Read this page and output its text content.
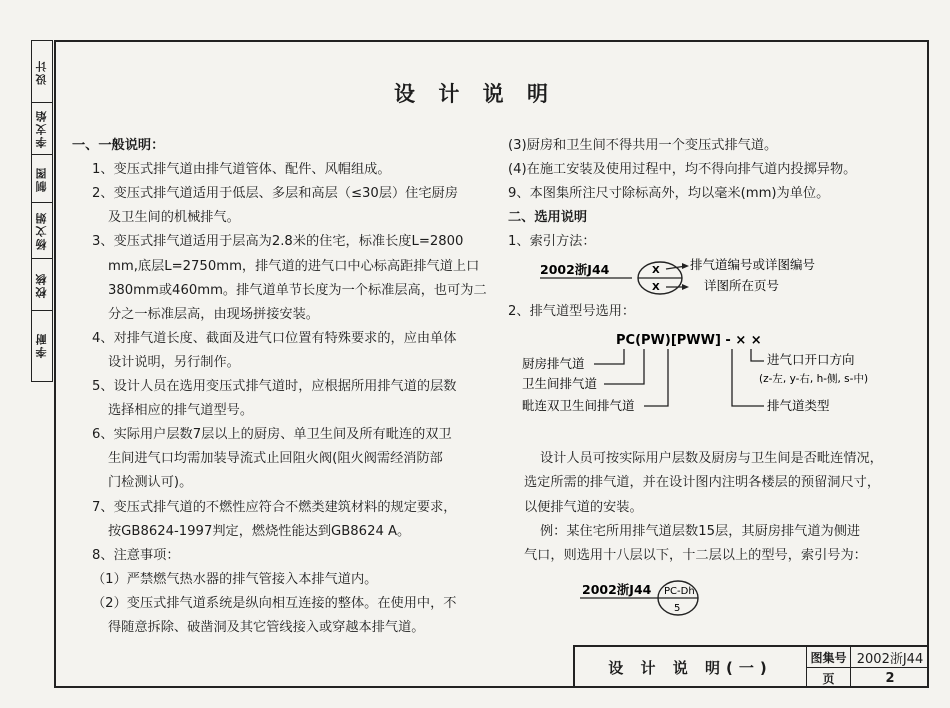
设计
李支焰
制图
杨文娟
校核
李耐
设 计 说 明
一、一般说明：
1、变压式排气道由排气道管体、配件、风帽组成。
2、变压式排气道适用于低层、多层和高层（≤30层）住宅厨房
及卫生间的机械排气。
3、变压式排气道适用于层高为2.8米的住宅，标准长度L=2800
mm,底层L=2750mm，排气道的进气口中心标高距排气道上口
380mm或460mm。排气道单节长度为一个标准层高，也可为二
分之一标准层高，由现场拼接安装。
4、对排气道长度、截面及进气口位置有特殊要求的，应由单体
设计说明，另行制作。
5、设计人员在选用变压式排气道时，应根据所用排气道的层数
选择相应的排气道型号。
6、实际用户层数7层以上的厨房、单卫生间及所有毗连的双卫
生间进气口均需加装导流式止回阻火阀(阻火阀需经消防部
门检测认可)。
7、变压式排气道的不燃性应符合不燃类建筑材料的规定要求，
按GB8624-1997判定，燃烧性能达到GB8624 A。
8、注意事项：
（1）严禁燃气热水器的排气管接入本排气道内。
（2）变压式排气道系统是纵向相互连接的整体。在使用中，不
得随意拆除、破凿洞及其它管线接入或穿越本排气道。
(3)厨房和卫生间不得共用一个变压式排气道。
(4)在施工安装及使用过程中，均不得向排气道内投掷异物。
9、本图集所注尺寸除标高外，均以毫米(mm)为单位。
二、选用说明
1、索引方法：
2002浙J44	X
X
排气道编号或详图编号
详图所在页号
2、排气道型号选用：
PC(PW)[PWW] - × ×
厨房排气道
卫生间排气道
毗连双卫生间排气道
进气口开口方向
(z-左, y-右, h-侧, s-中)
排气道类型
设计人员可按实际用户层数及厨房与卫生间是否毗连情况，
选定所需的排气道，并在设计图内注明各楼层的预留洞尺寸，
以便排气道的安装。
例：某住宅所用排气道层数15层，其厨房排气道为侧进
气口，则选用十八层以下，十二层以上的型号，索引号为：
2002浙J44 PC-Dh
5
设 计 说 明(一)
图集号 2002浙J44
页	2
